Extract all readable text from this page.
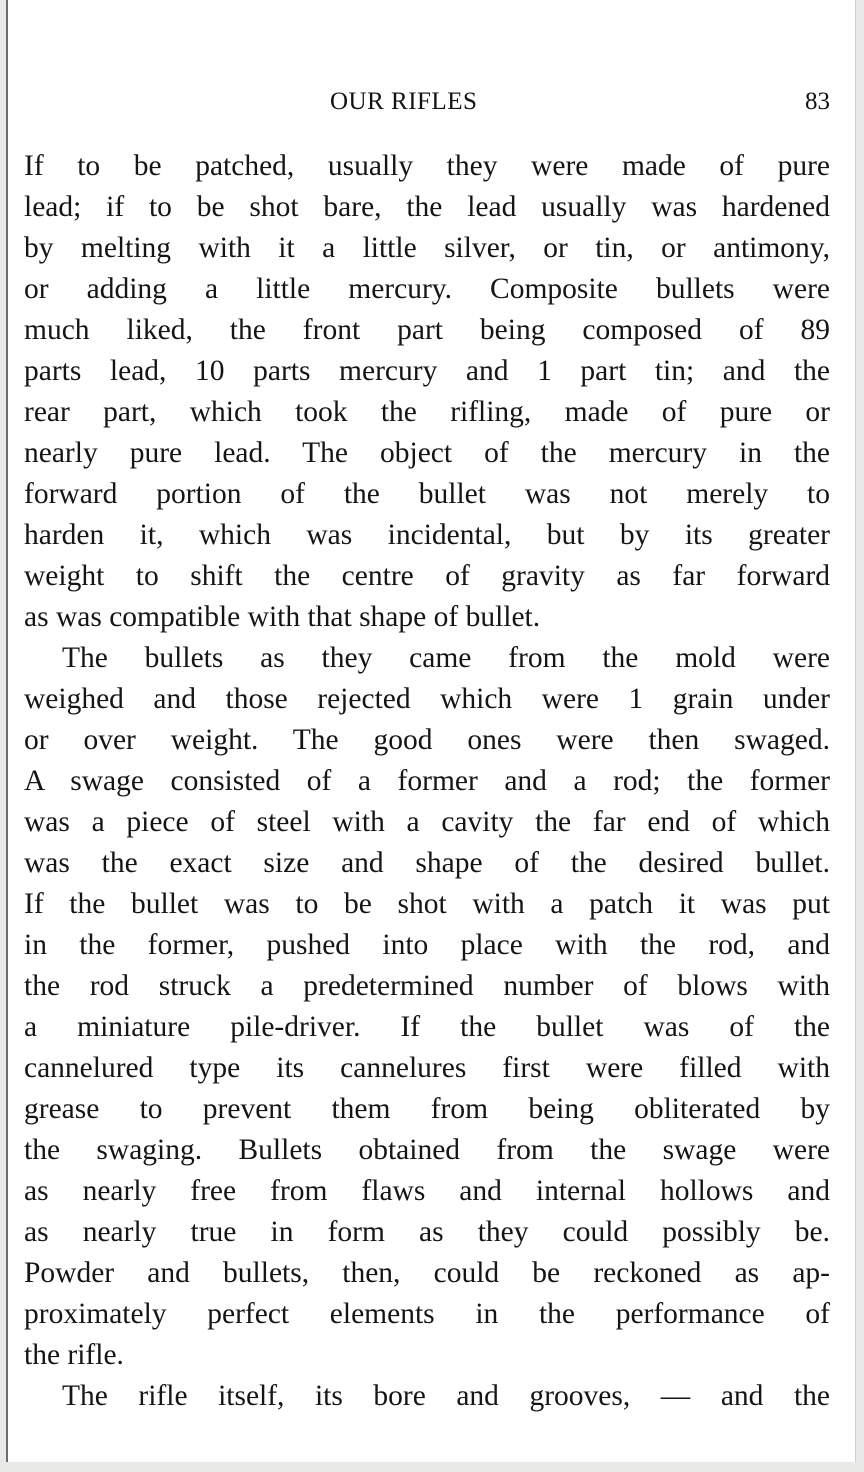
OUR RIFLES	83
If to be patched, usually they were made of pure
lead; if to be shot bare, the lead usually was hardened
by melting with it a little silver, or tin, or antimony,
or adding a little mercury. Composite bullets were
much liked, the front part being composed of 89
parts lead, 10 parts mercury and 1 part tin; and the
rear part, which took the rifling, made of pure or
nearly pure lead. The object of the mercury in the
forward portion of the bullet was not merely to
harden it, which was incidental, but by its greater
weight to shift the centre of gravity as far forward
as was compatible with that shape of bullet.
The bullets as they came from the mold were
weighed and those rejected which were 1 grain under
or over weight. The good ones were then swaged.
A swage consisted of a former and a rod; the former
was a piece of steel with a cavity the far end of which
was the exact size and shape of the desired bullet.
If the bullet was to be shot with a patch it was put
in the former, pushed into place with the rod, and
the rod struck a predetermined number of blows with
a miniature pile-driver. If the bullet was of the
cannelured type its cannelures first were filled with
grease to prevent them from being obliterated by
the swaging. Bullets obtained from the swage were
as nearly free from flaws and internal hollows and
as nearly true in form as they could possibly be.
Powder and bullets, then, could be reckoned as ap-
proximately perfect elements in the performance of
the rifle.
The rifle itself, its bore and grooves, — and the
